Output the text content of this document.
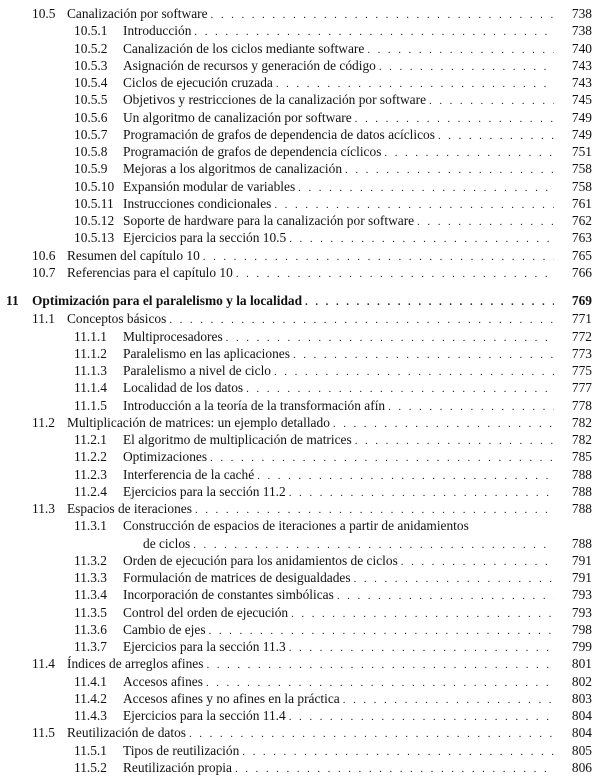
10.5 Canalización por software . . .	738
10.5.1 Introducción . . .	738
10.5.2 Canalización de los ciclos mediante software . . .	740
10.5.3 Asignación de recursos y generación de código . . .	743
10.5.4 Ciclos de ejecución cruzada . . .	743
10.5.5 Objetivos y restricciones de la canalización por software . . .	745
10.5.6 Un algoritmo de canalización por software . . .	749
10.5.7 Programación de grafos de dependencia de datos acíclicos . . .	749
10.5.8 Programación de grafos de dependencia cíclicos . . .	751
10.5.9 Mejoras a los algoritmos de canalización . . .	758
10.5.10 Expansión modular de variables . . .	758
10.5.11 Instrucciones condicionales . . .	761
10.5.12 Soporte de hardware para la canalización por software . . .	762
10.5.13 Ejercicios para la sección 10.5 . . .	763
10.6 Resumen del capítulo 10 . . .	765
10.7 Referencias para el capítulo 10 . . .	766
11 Optimización para el paralelismo y la localidad . . .	769
11.1 Conceptos básicos . . .	771
11.1.1 Multiprocesadores . . .	772
11.1.2 Paralelismo en las aplicaciones . . .	773
11.1.3 Paralelismo a nivel de ciclo . . .	775
11.1.4 Localidad de los datos . . .	777
11.1.5 Introducción a la teoría de la transformación afín . . .	778
11.2 Multiplicación de matrices: un ejemplo detallado . . .	782
11.2.1 El algoritmo de multiplicación de matrices . . .	782
11.2.2 Optimizaciones . . .	785
11.2.3 Interferencia de la caché . . .	788
11.2.4 Ejercicios para la sección 11.2 . . .	788
11.3 Espacios de iteraciones . . .	788
11.3.1 Construcción de espacios de iteraciones a partir de anidamientos
de ciclos . . .	788
11.3.2 Orden de ejecución para los anidamientos de ciclos . . .	791
11.3.3 Formulación de matrices de desigualdades . . .	791
11.3.4 Incorporación de constantes simbólicas . . .	793
11.3.5 Control del orden de ejecución . . .	793
11.3.6 Cambio de ejes . . .	798
11.3.7 Ejercicios para la sección 11.3 . . .	799
11.4 Índices de arreglos afines . . .	801
11.4.1 Accesos afines . . .	802
11.4.2 Accesos afines y no afines en la práctica . . .	803
11.4.3 Ejercicios para la sección 11.4 . . .	804
11.5 Reutilización de datos . . .	804
11.5.1 Tipos de reutilización . . .	805
11.5.2 Reutilización propia . . .	806
